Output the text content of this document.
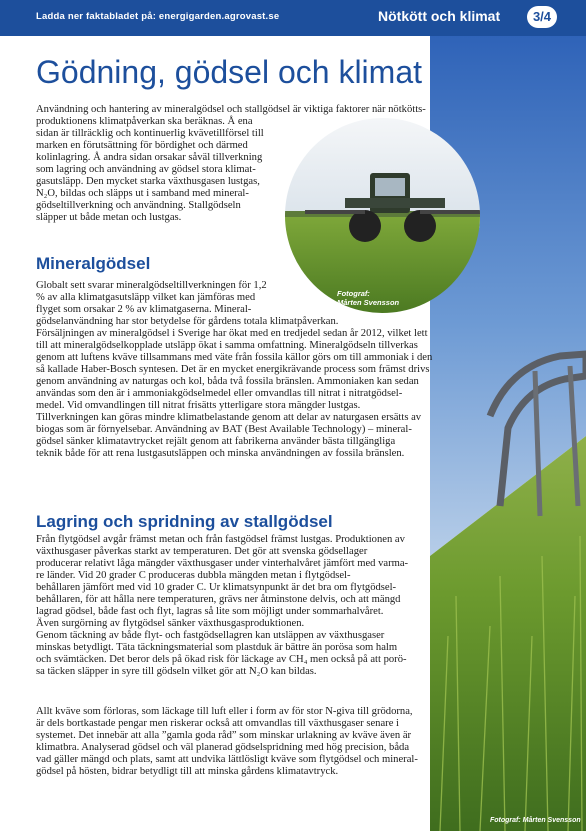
Ladda ner faktabladet på: energigarden.agrovast.se	Nötkött och klimat	3/4
Fotograf: Mårten Svensson
Gödning, gödsel och klimat
Fotograf:
Mårten Svensson
Användning och hantering av mineralgödsel och stallgödsel är viktiga faktorer när nötkötts-
produktionens klimatpåverkan ska beräknas. Å ena
sidan är tillräcklig och kontinuerlig kvävetillförsel till
marken en förutsättning för bördighet och därmed
kolinlagring. Å andra sidan orsakar såväl tillverkning
som lagring och användning av gödsel stora klimat-
gasutsläpp. Den mycket starka växthusgasen lustgas,
N₂O, bildas och släpps ut i samband med mineral-
gödseltillverkning och användning. Stallgödseln
släpper ut både metan och lustgas.
Mineralgödsel
Globalt sett svarar mineralgödseltillverkningen för 1,2
% av alla klimatgasutsläpp vilket kan jämföras med
flyget som orsakar 2 % av klimatgaserna. Mineral-
gödselanvändning har stor betydelse för gårdens totala klimatpåverkan.
Försäljningen av mineralgödsel i Sverige har ökat med en tredjedel sedan år 2012, vilket lett
till att mineralgödselkopplade utsläpp ökat i samma omfattning. Mineralgödseln tillverkas
genom att luftens kväve tillsammans med väte från fossila källor görs om till ammoniak i den
så kallade Haber-Bosch syntesen. Det är en mycket energikrävande process som främst drivs
genom användning av naturgas och kol, båda två fossila bränslen. Ammoniaken kan sedan
användas som den är i ammoniakgödselmedel eller omvandlas till nitrat i nitratgödsel-
medel. Vid omvandlingen till nitrat frisätts ytterligare stora mängder lustgas.
Tillverkningen kan göras mindre klimatbelastande genom att delar av naturgasen ersätts av
biogas som är förnyelsebar. Användning av BAT (Best Available Technology) – mineral-
gödsel sänker klimatavtrycket rejält genom att fabrikerna använder bästa tillgängliga
teknik både för att rena lustgasutsläppen och minska användningen av fossila bränslen.
Lagring och spridning av stallgödsel
Från flytgödsel avgår främst metan och från fastgödsel främst lustgas. Produktionen av
växthusgaser påverkas starkt av temperaturen. Det gör att svenska gödsellager
producerar relativt låga mängder växthusgaser under vinterhalvåret jämfört med varma-
re länder. Vid 20 grader C produceras dubbla mängden metan i flytgödsel-
behållaren jämfört med vid 10 grader C. Ur klimatsynpunkt är det bra om flytgödsel-
behållaren, för att hålla nere temperaturen, grävs ner åtminstone delvis, och att mängd
lagrad gödsel, både fast och flyt, lagras så lite som möjligt under sommarhalvåret.
Även surgörning av flytgödsel sänker växthusgasproduktionen.
Genom täckning av både flyt- och fastgödsellagren kan utsläppen av växthusgaser
minskas betydligt. Täta täckningsmaterial som plastduk är bättre än porösa som halm
och svämtäcken. Det beror dels på ökad risk för läckage av CH₄ men också på att porö-
sa täcken släpper in syre till gödseln vilket gör att N₂O kan bildas.
Allt kväve som förloras, som läckage till luft eller i form av för stor N-giva till grödorna,
är dels bortkastade pengar men riskerar också att omvandlas till växthusgaser senare i
systemet. Det innebär att alla ”gamla goda råd” som minskar urlakning av kväve även är
klimatbra. Analyserad gödsel och väl planerad gödselspridning med hög precision, båda
vad gäller mängd och plats, samt att undvika lättlösligt kväve som flytgödsel och mineral-
gödsel på hösten, bidrar betydligt till att minska gårdens klimatavtryck.
